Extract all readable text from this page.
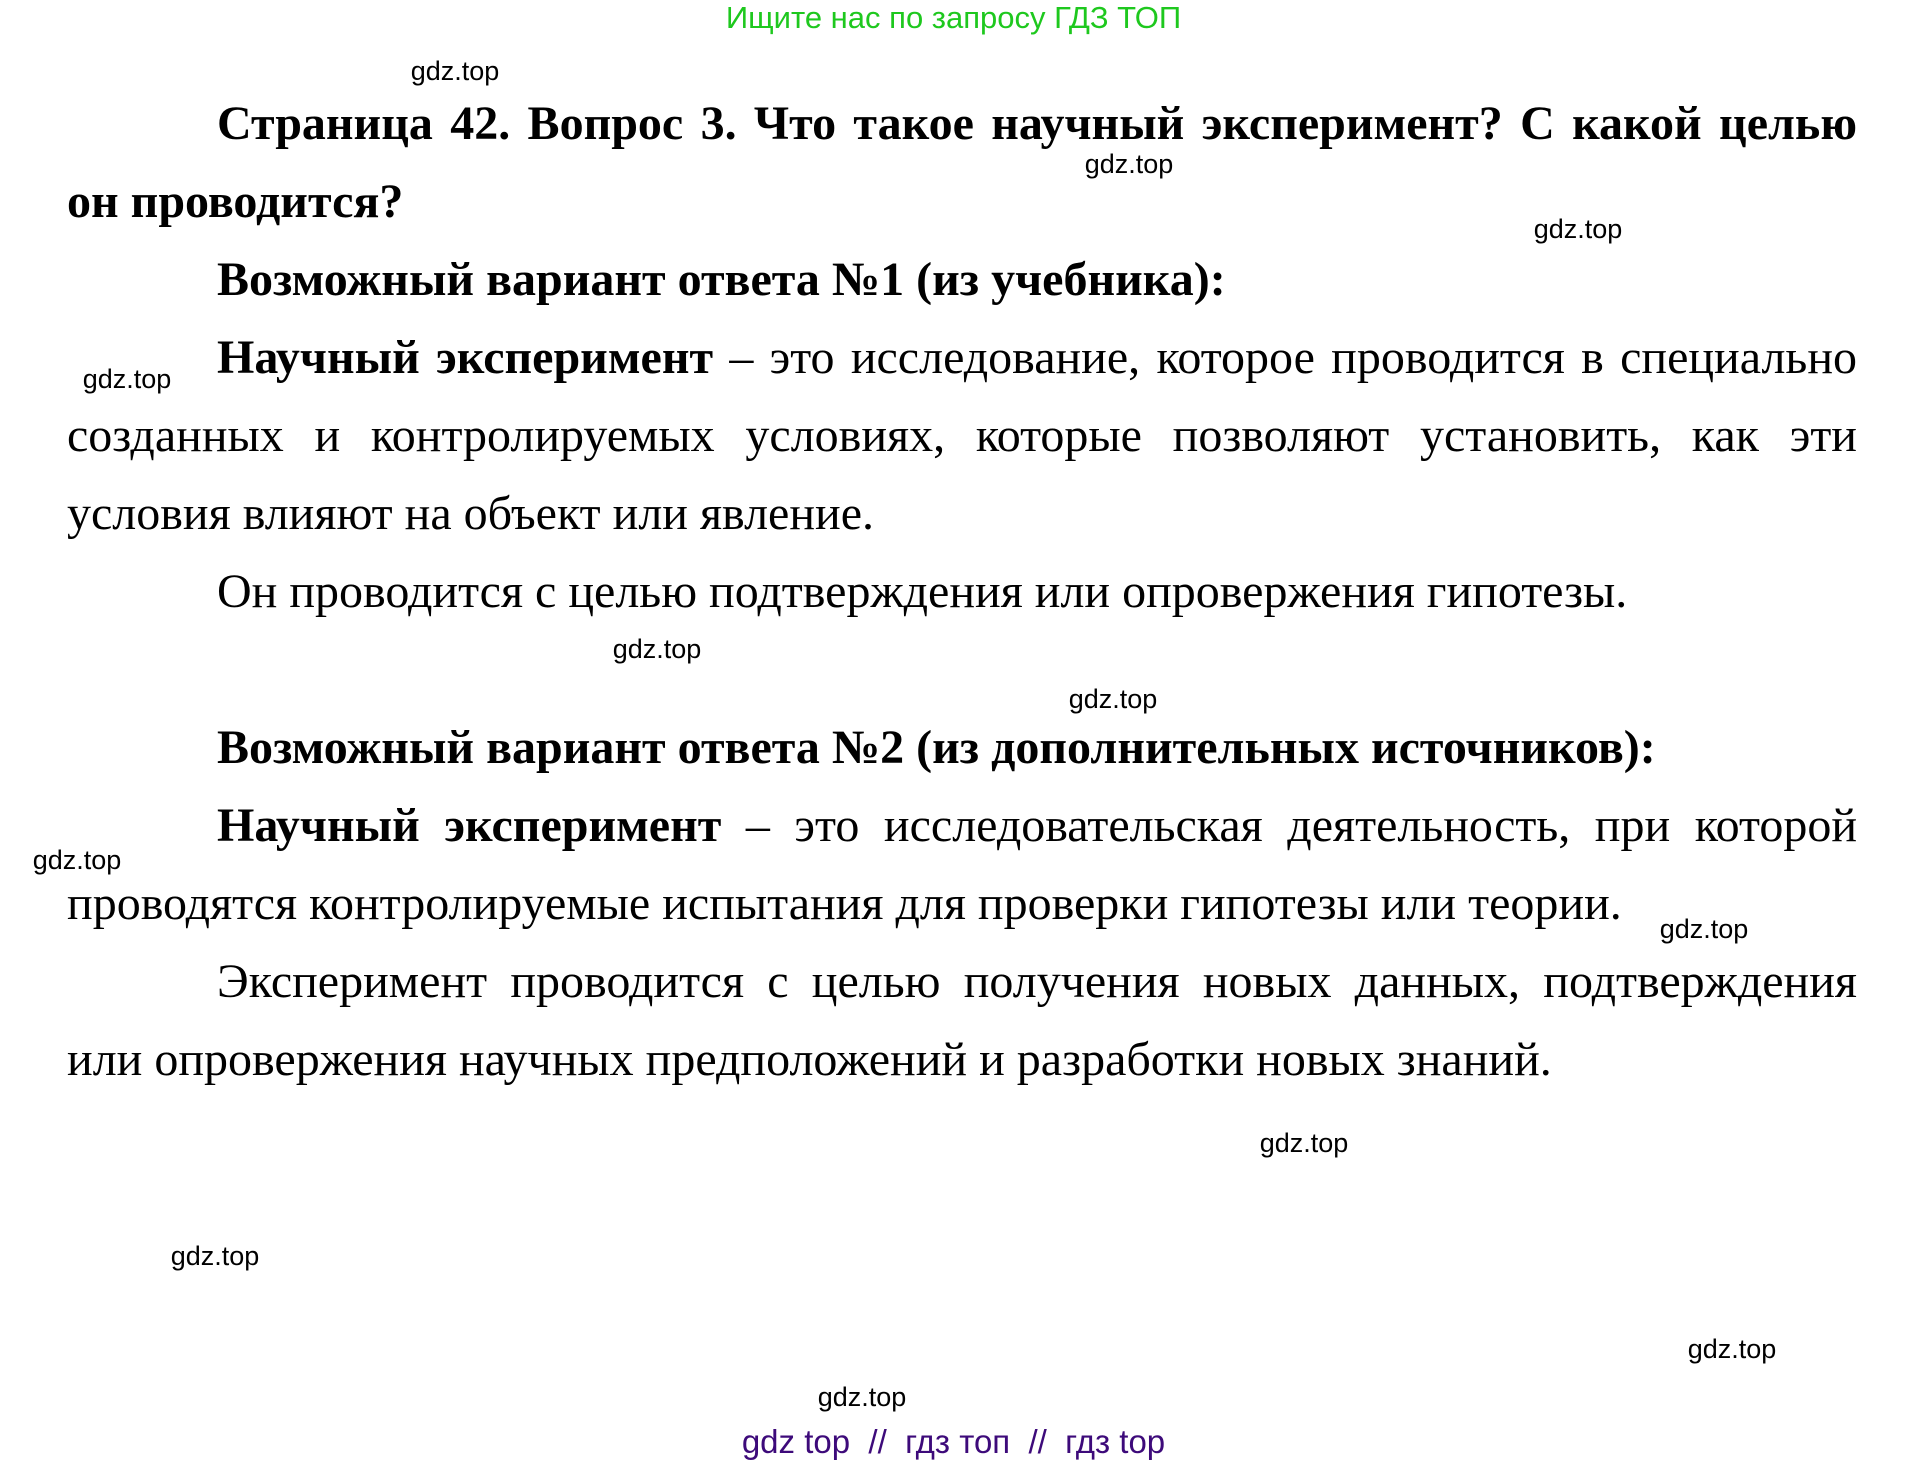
Ищите нас по запросу ГДЗ ТОП

Страница 42. Вопрос 3. Что такое научный эксперимент? С какой целью он проводится?

Возможный вариант ответа №1 (из учебника):

Научный эксперимент – это исследование, которое проводится в специально созданных и контролируемых условиях, которые позволяют установить, как эти условия влияют на объект или явление.

Он проводится с целью подтверждения или опровержения гипотезы.

Возможный вариант ответа №2 (из дополнительных источников):

Научный эксперимент – это исследовательская деятельность, при которой проводятся контролируемые испытания для проверки гипотезы или теории.

Эксперимент проводится с целью получения новых данных, подтверждения или опровержения научных предположений и разработки новых знаний.

gdz.top
gdz.top
gdz.top
gdz.top
gdz.top
gdz.top
gdz.top
gdz.top
gdz.top
gdz.top
gdz.top
gdz.top
gdz top  //  гдз топ  //  гдз top
